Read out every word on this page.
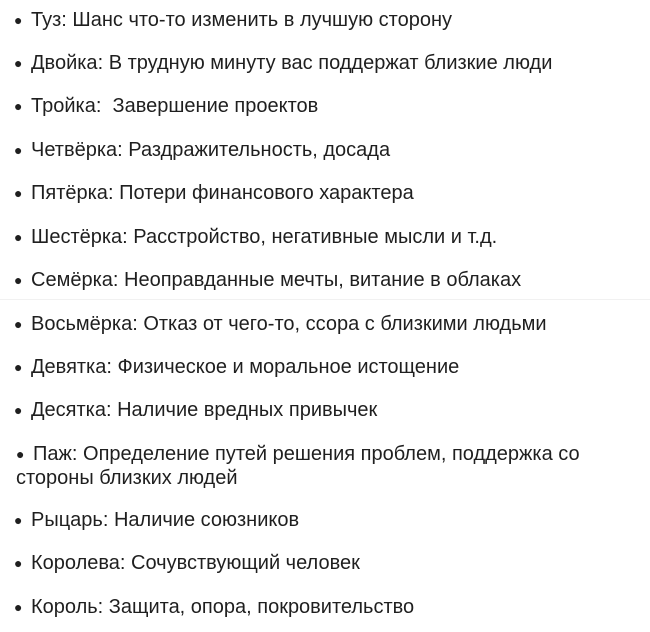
● Туз: Шанс что-то изменить в лучшую сторону
● Двойка: В трудную минуту вас поддержат близкие люди
● Тройка:  Завершение проектов
● Четвёрка: Раздражительность, досада
● Пятёрка: Потери финансового характера
● Шестёрка: Расстройство, негативные мысли и т.д.
● Семёрка: Неоправданные мечты, витание в облаках
● Восьмёрка: Отказ от чего-то, ссора с близкими людьми
● Девятка: Физическое и моральное истощение
● Десятка: Наличие вредных привычек
● Паж: Определение путей решения проблем, поддержка со стороны близких людей
● Рыцарь: Наличие союзников
● Королева: Сочувствующий человек
● Король: Защита, опора, покровительство
